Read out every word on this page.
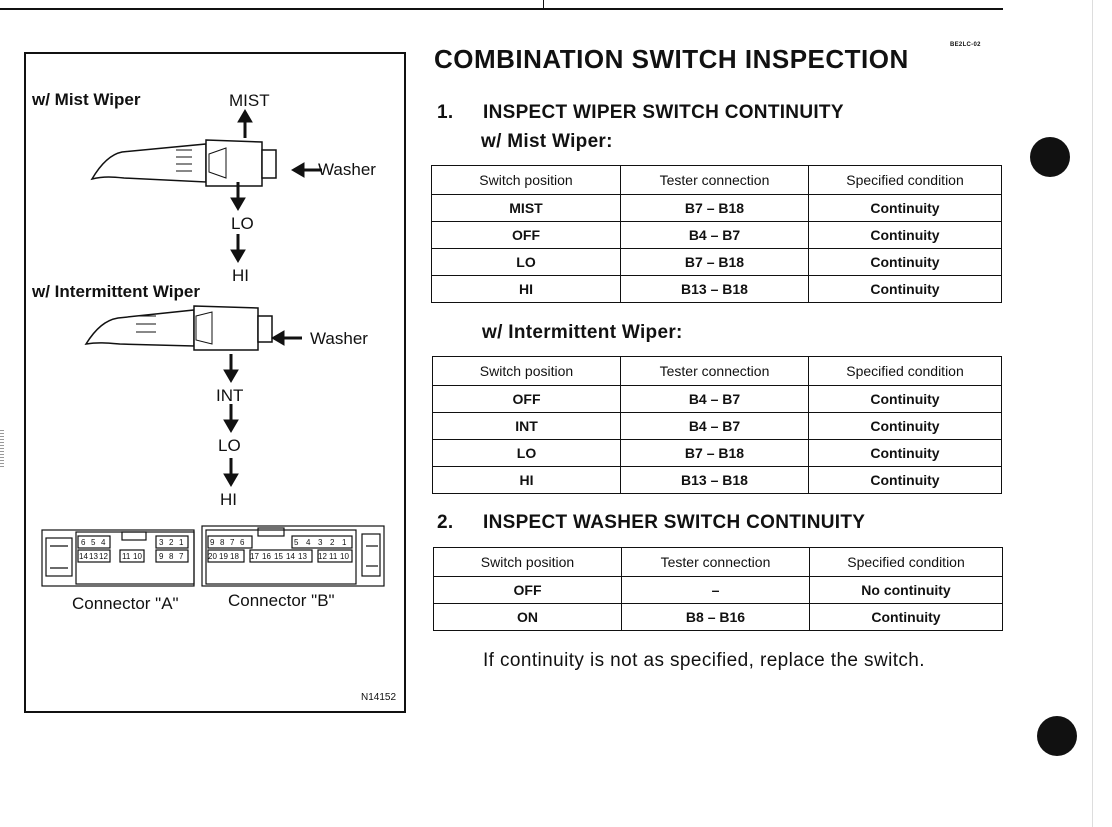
6 5 4	3 2 1
14 13 12 11 10 9 8 7
9 8 7 6	5 4 3 2 1
20 19 18 17 16 15 14 13 12 11 10
w/ Mist Wiper	MIST
Washer
LO
HI
w/ Intermittent Wiper
Washer
INT
LO
HI
Connector "A"	Connector "B"
N14152
BE2LC-02
COMBINATION SWITCH INSPECTION
1. INSPECT WIPER SWITCH CONTINUITY
w/ Mist Wiper:
Switch position	Tester connection	Specified condition
MIST	B7 – B18	Continuity
OFF	B4 – B7	Continuity
LO	B7 – B18	Continuity
HI	B13 – B18	Continuity
w/ Intermittent Wiper:
Switch position	Tester connection	Specified condition
OFF	B4 – B7	Continuity
INT	B4 – B7	Continuity
LO	B7 – B18	Continuity
HI	B13 – B18	Continuity
2. INSPECT WASHER SWITCH CONTINUITY
Switch position	Tester connection	Specified condition
OFF	–	No continuity
ON	B8 – B16	Continuity
If continuity is not as specified, replace the switch.
